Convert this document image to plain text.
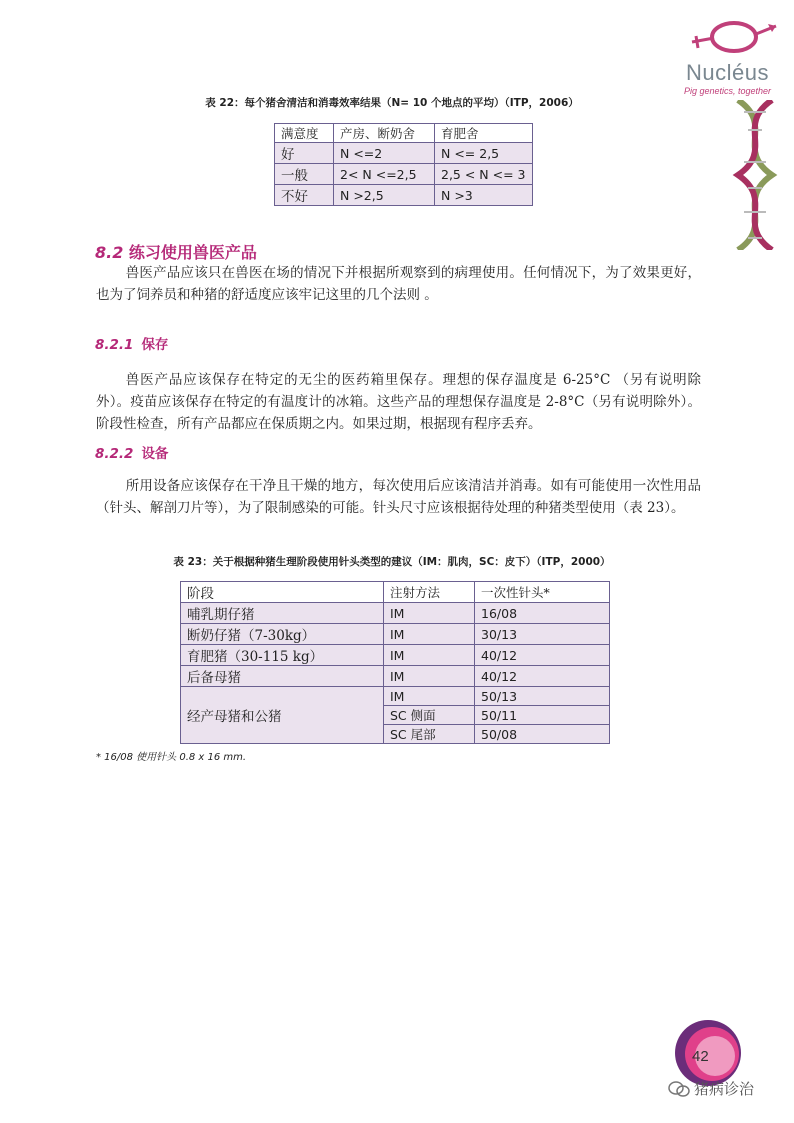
Nucléus
Pig genetics, together
表 22：每个猪舍清洁和消毒效率结果（N= 10 个地点的平均）（ITP，2006）
满意度	产房、断奶舍	育肥舍
好	N <=2	N <= 2,5
一般	2< N <=2,5	2,5 < N <= 3
不好	N >2,5	N >3
8.2 练习使用兽医产品
兽医产品应该只在兽医在场的情况下并根据所观察到的病理使用。任何情况下，为了效果更好，也为了饲养员和种猪的舒适度应该牢记这里的几个法则 。
8.2.1 保存
兽医产品应该保存在特定的无尘的医药箱里保存。理想的保存温度是 6-25°C （另有说明除外）。疫苗应该保存在特定的有温度计的冰箱。这些产品的理想保存温度是 2-8°C（另有说明除外）。阶段性检查，所有产品都应在保质期之内。如果过期，根据现有程序丢弃。
8.2.2 设备
所用设备应该保存在干净且干燥的地方，每次使用后应该清洁并消毒。如有可能使用一次性用品（针头、解剖刀片等），为了限制感染的可能。针头尺寸应该根据待处理的种猪类型使用（表 23）。
表 23：关于根据种猪生理阶段使用针头类型的建议（IM：肌肉，SC：皮下）（ITP，2000）
阶段	注射方法	一次性针头*
哺乳期仔猪	IM	16/08
断奶仔猪（7-30kg）	IM	30/13
育肥猪（30-115 kg）	IM	40/12
后备母猪	IM	40/12
经产母猪和公猪	IM	50/13
	SC 侧面	50/11
	SC 尾部	50/08
* 16/08 使用针头 0.8 x 16 mm.
42
猪病诊治
